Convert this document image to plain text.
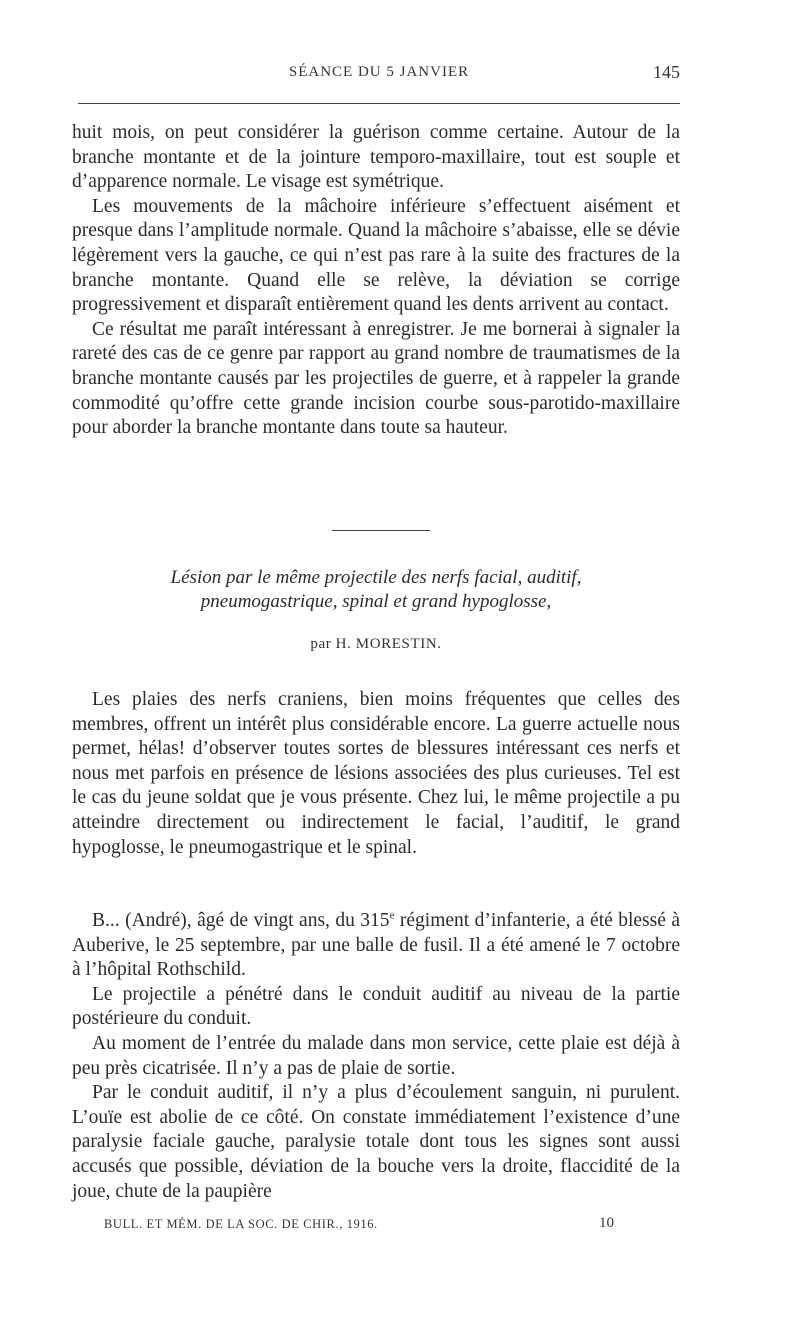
SÉANCE DU 5 JANVIER	145

huit mois, on peut considérer la guérison comme certaine. Autour de la branche montante et de la jointure temporo-maxillaire, tout est souple et d’apparence normale. Le visage est symétrique.

Les mouvements de la mâchoire inférieure s’effectuent aisément et presque dans l’amplitude normale. Quand la mâchoire s’abaisse, elle se dévie légèrement vers la gauche, ce qui n’est pas rare à la suite des fractures de la branche montante. Quand elle se relève, la déviation se corrige progressivement et disparaît entièrement quand les dents arrivent au contact.

Ce résultat me paraît intéressant à enregistrer. Je me bornerai à signaler la rareté des cas de ce genre par rapport au grand nombre de traumatismes de la branche montante causés par les projectiles de guerre, et à rappeler la grande commodité qu’offre cette grande incision courbe sous-parotido-maxillaire pour aborder la branche montante dans toute sa hauteur.

Lésion par le même projectile des nerfs facial, auditif,
pneumogastrique, spinal et grand hypoglosse,
par H. MORESTIN.

Les plaies des nerfs craniens, bien moins fréquentes que celles des membres, offrent un intérêt plus considérable encore. La guerre actuelle nous permet, hélas! d’observer toutes sortes de blessures intéressant ces nerfs et nous met parfois en présence de lésions associées des plus curieuses. Tel est le cas du jeune soldat que je vous présente. Chez lui, le même projectile a pu atteindre directement ou indirectement le facial, l’auditif, le grand hypoglosse, le pneumogastrique et le spinal.

B... (André), âgé de vingt ans, du 315e régiment d’infanterie, a été blessé à Auberive, le 25 septembre, par une balle de fusil. Il a été amené le 7 octobre à l’hôpital Rothschild.

Le projectile a pénétré dans le conduit auditif au niveau de la partie postérieure du conduit.

Au moment de l’entrée du malade dans mon service, cette plaie est déjà à peu près cicatrisée. Il n’y a pas de plaie de sortie.

Par le conduit auditif, il n’y a plus d’écoulement sanguin, ni purulent. L’ouïe est abolie de ce côté. On constate immédiatement l’existence d’une paralysie faciale gauche, paralysie totale dont tous les signes sont aussi accusés que possible, déviation de la bouche vers la droite, flaccidité de la joue, chute de la paupière

BULL. ET MÉM. DE LA SOC. DE CHIR., 1916.	10
